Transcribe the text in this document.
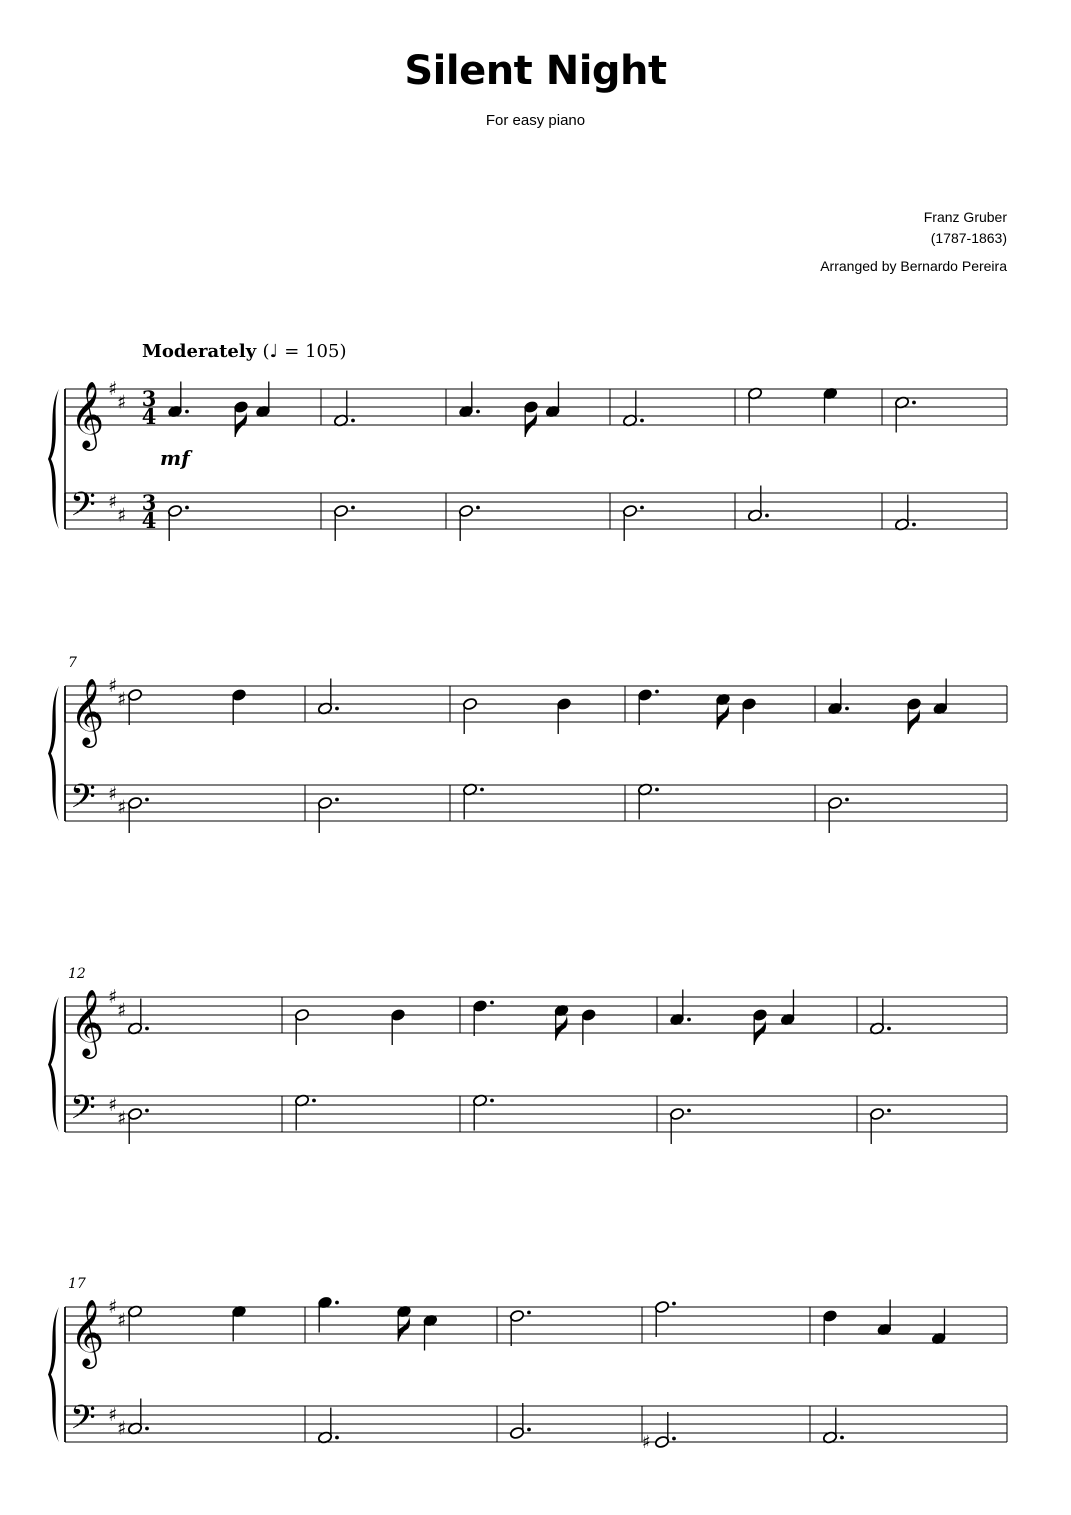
Silent Night
For easy piano
Franz Gruber
(1787-1863)
Arranged by Bernardo Pereira
Moderately (♩ = 105)
𝄞
𝄢
♯
♯
♯
♯
3
4
3
4
𝄞
𝄢
♯
♯
♯
♯
7
𝄞
𝄢
♯
♯
♯
♯
12
𝄞
𝄢
♯
♯
♯
♯
17
♯
mf
